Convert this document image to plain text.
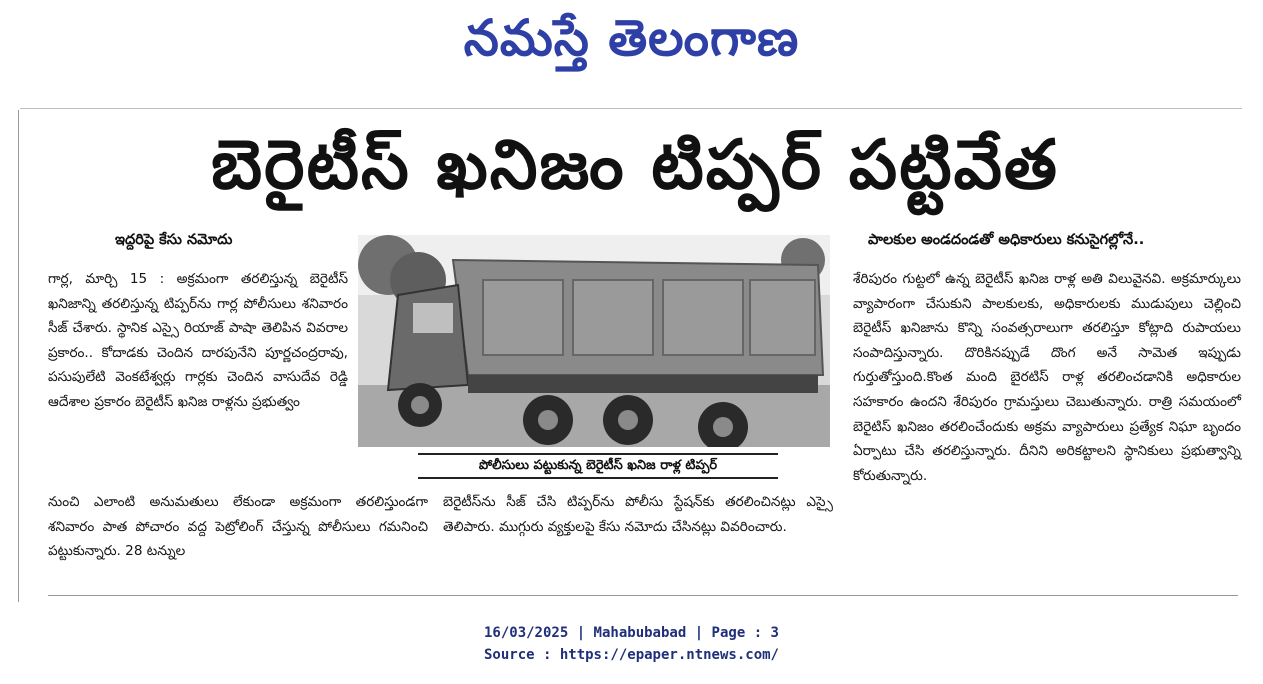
నమస్తే తెలంగాణ
బెరైటీస్ ఖనిజం టిప్పర్ పట్టివేత
ఇద్దరిపై కేసు నమోదు	పాలకుల అండదండతో అధికారులు కనుసైగల్లోనే..

గార్ల, మార్చి 15 : అక్రమంగా తరలిస్తున్న బెరైటీస్ ఖనిజాన్ని తరలిస్తున్న టిప్పర్‌ను గార్ల పోలీసులు శనివారం సీజ్ చేశారు. స్థానిక ఎస్సై రియాజ్ పాషా తెలిపిన వివరాల ప్రకారం.. కోదాడకు చెందిన దారపునేని పూర్ణచంద్రరావు, పసుపులేటి వెంకటేశ్వర్లు గార్లకు చెందిన వాసుదేవ రెడ్డి ఆదేశాల ప్రకారం బెరైటీస్ ఖనిజ రాళ్లను ప్రభుత్వం

పోలీసులు పట్టుకున్న బెరైటీస్ ఖనిజ రాళ్ల టిప్పర్

నుంచి ఎలాంటి అనుమతులు లేకుండా అక్రమంగా తరలిస్తుండగా శనివారం పాత పోచారం వద్ద పెట్రోలింగ్ చేస్తున్న పోలీసులు గమనించి పట్టుకున్నారు. 28 టన్నుల

బెరైటీస్‌ను సీజ్ చేసి టిప్పర్‌ను పోలీసు స్టేషన్‌కు తరలించినట్లు ఎస్సై తెలిపారు. ముగ్గురు వ్యక్తులపై కేసు నమోదు చేసినట్లు వివరించారు.

శేరిపురం గుట్టలో ఉన్న బెరైటీస్ ఖనిజ రాళ్ల అతి విలువైనవి. అక్రమార్కులు వ్యాపారంగా చేసుకుని పాలకులకు, అధికారులకు ముడుపులు చెల్లించి బెరైటీస్ ఖనిజాను కొన్ని సంవత్సరాలుగా తరలిస్తూ కోట్లాది రుపాయలు సంపాదిస్తున్నారు. దొరికినప్పుడే దొంగ అనే సామెత ఇప్పుడు గుర్తుతోస్తుంది.కొంత మంది బైరటిస్ రాళ్ల తరలించడానికి అధికారుల సహకారం ఉందని శేరిపురం గ్రామస్తులు చెబుతున్నారు. రాత్రి సమయంలో బెరైటిస్ ఖనిజం తరలించేందుకు అక్రమ వ్యాపారులు ప్రత్యేక నిఘా బృందం ఏర్పాటు చేసి తరలిస్తున్నారు. దీనిని అరికట్టాలని స్థానికులు ప్రభుత్వాన్ని కోరుతున్నారు.

16/03/2025 | Mahabubabad | Page : 3
Source : https://epaper.ntnews.com/
